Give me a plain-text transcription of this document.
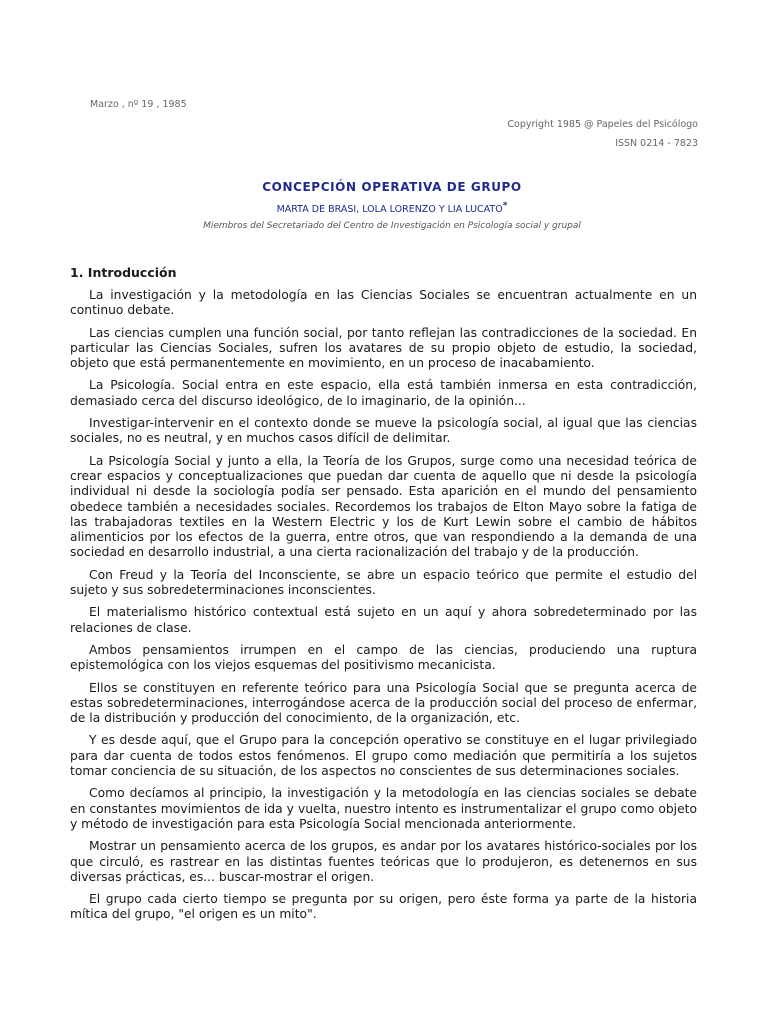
Marzo , nº 19 , 1985
Copyright 1985 @ Papeles del Psicólogo
ISSN 0214 - 7823
CONCEPCIÓN OPERATIVA DE GRUPO
MARTA DE BRASI, LOLA LORENZO Y LIA LUCATO*
Miembros del Secretariado del Centro de Investigación en Psicología social y grupal
1. Introducción

La investigación y la metodología en las Ciencias Sociales se encuentran actualmente en un continuo debate.

Las ciencias cumplen una función social, por tanto reflejan las contradicciones de la sociedad. En particular las Ciencias Sociales, sufren los avatares de su propio objeto de estudio, la sociedad, objeto que está permanentemente en movimiento, en un proceso de inacabamiento.

La Psicología. Social entra en este espacio, ella está también inmersa en esta contradicción, demasiado cerca del discurso ideológico, de lo imaginario, de la opinión...

Investigar-intervenir en el contexto donde se mueve la psicología social, al igual que las ciencias sociales, no es neutral, y en muchos casos difícil de delimitar.

La Psicología Social y junto a ella, la Teoría de los Grupos, surge como una necesidad teórica de crear espacios y conceptualizaciones que puedan dar cuenta de aquello que ni desde la psicología individual ni desde la sociología podía ser pensado. Esta aparición en el mundo del pensamiento obedece también a necesidades sociales. Recordemos los trabajos de Elton Mayo sobre la fatiga de las trabajadoras textiles en la Western Electric y los de Kurt Lewin sobre el cambio de hábitos alimenticios por los efectos de la guerra, entre otros, que van respondiendo a la demanda de una sociedad en desarrollo industrial, a una cierta racionalización del trabajo y de la producción.

Con Freud y la Teoría del Inconsciente, se abre un espacio teórico que permite el estudio del sujeto y sus sobredeterminaciones inconscientes.

El materialismo histórico contextual está sujeto en un aquí y ahora sobredeterminado por las relaciones de clase.

Ambos pensamientos irrumpen en el campo de las ciencias, produciendo una ruptura epistemológica con los viejos esquemas del positivismo mecanicista.

Ellos se constituyen en referente teórico para una Psicología Social que se pregunta acerca de estas sobredeterminaciones, interrogándose acerca de la producción social del proceso de enfermar, de la distribución y producción del conocimiento, de la organización, etc.

Y es desde aquí, que el Grupo para la concepción operativo se constituye en el lugar privilegiado para dar cuenta de todos estos fenómenos. El grupo como mediación que permitiría a los sujetos tomar conciencia de su situación, de los aspectos no conscientes de sus determinaciones sociales.

Como decíamos al principio, la investigación y la metodología en las ciencias sociales se debate en constantes movimientos de ida y vuelta, nuestro intento es instrumentalizar el grupo como objeto y método de investigación para esta Psicología Social mencionada anteriormente.

Mostrar un pensamiento acerca de los grupos, es andar por los avatares histórico-sociales por los que circuló, es rastrear en las distintas fuentes teóricas que lo produjeron, es detenernos en sus diversas prácticas, es... buscar-mostrar el origen.

El grupo cada cierto tiempo se pregunta por su origen, pero éste forma ya parte de la historia mítica del grupo, "el origen es un mito".
